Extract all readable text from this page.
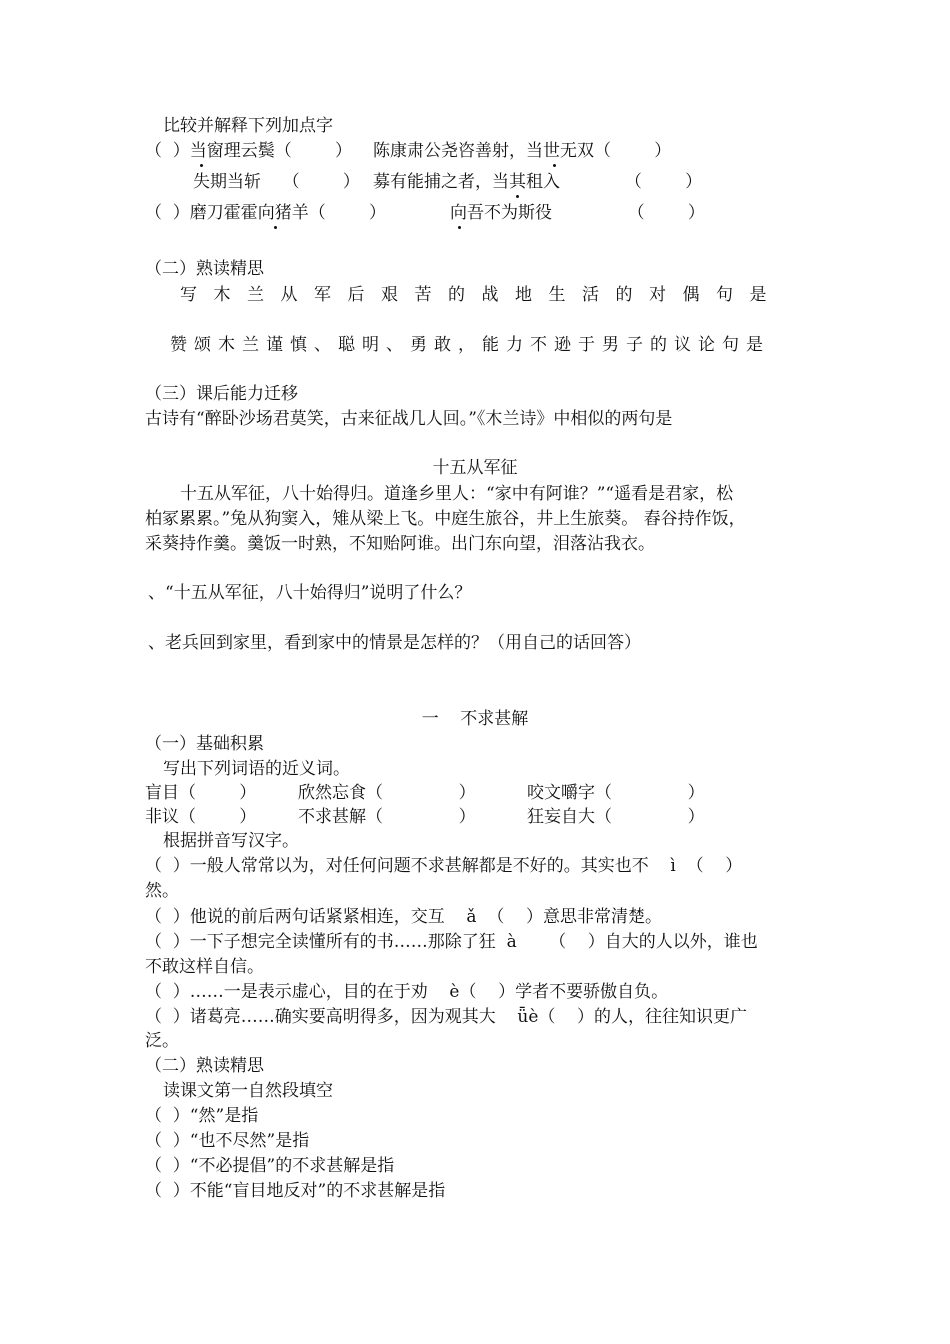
比较并解释下列加点字
（  ）当窗理云鬓（        ） 陈康肃公尧咨善射，当世无双（        ）
失期当斩    （        ） 募有能捕之者，当其租入            （        ）
（  ）磨刀霍霍向猪羊（        ）	向吾不为斯役              （        ）
（二）熟读精思
写木兰从军后艰苦的战地生活的对偶句是
赞颂木兰谨慎、聪明、勇敢，能力不逊于男子的议论句是
（三）课后能力迁移
古诗有“醉卧沙场君莫笑，古来征战几人回。”《木兰诗》中相似的两句是
十五从军征
十五从军征，八十始得归。道逢乡里人：“家中有阿谁？”“遥看是君家，松
柏冢累累。”兔从狗窦入，雉从梁上飞。中庭生旅谷，井上生旅葵。 舂谷持作饭，
采葵持作羹。羹饭一时熟，不知贻阿谁。出门东向望，泪落沾我衣。
、“十五从军征，八十始得归”说明了什么？
、老兵回到家里，看到家中的情景是怎样的？（用自己的话回答）
一    不求甚解
（一）基础积累
写出下列词语的近义词。
盲目（        ） 欣然忘食（              ）	咬文嚼字（              ）
非议（        ） 不求甚解（              ）	狂妄自大（              ）
根据拼音写汉字。
（  ）一般人常常以为，对任何问题不求甚解都是不好的。其实也不    ì  （    ）
然。
（  ）他说的前后两句话紧紧相连，交互    ǎ  （    ）意思非常清楚。
（  ）一下子想完全读懂所有的书……那除了狂  à      （    ）自大的人以外，谁也
不敢这样自信。
（  ）……一是表示虚心，目的在于劝    è（    ）学者不要骄傲自负。
（  ）诸葛亮……确实要高明得多，因为观其大    ǖè（    ）的人，往往知识更广
泛。
（二）熟读精思
读课文第一自然段填空
（  ）“然”是指
（  ）“也不尽然”是指
（  ）“不必提倡”的不求甚解是指
（  ）不能“盲目地反对”的不求甚解是指
